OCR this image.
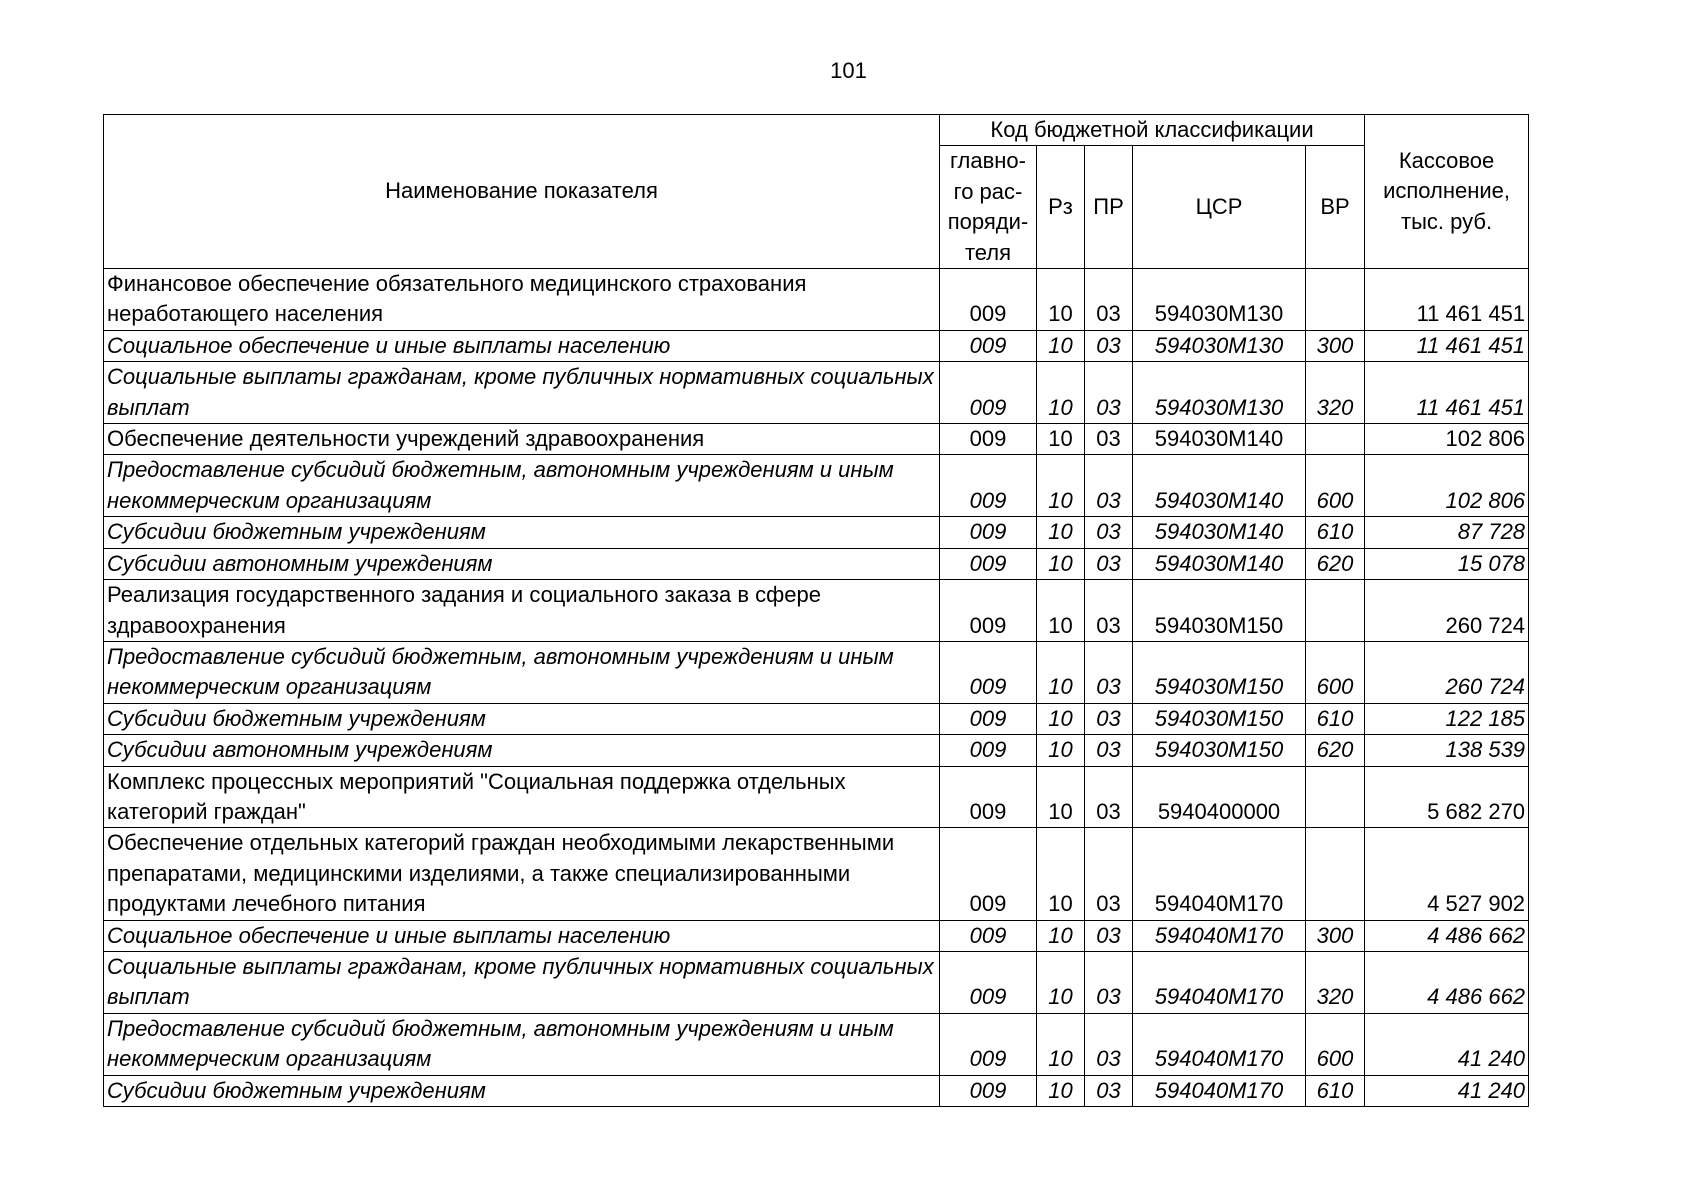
101
Наименование показателя	Код бюджетной классификации					Кассовое
исполнение,
тыс. руб.

	главно-
го рас-
поряди-
теля	Рз	ПР	ЦСР	ВР	
Финансовое обеспечение обязательного медицинского страхования неработающего населения	009	10	03	594030М130		11 461 451
Социальное обеспечение и иные выплаты населению	009	10	03	594030М130	300	11 461 451
Социальные выплаты гражданам, кроме публичных нормативных социальных выплат	009	10	03	594030М130	320	11 461 451
Обеспечение деятельности учреждений здравоохранения	009	10	03	594030М140		102 806
Предоставление субсидий бюджетным, автономным учреждениям и иным некоммерческим организациям	009	10	03	594030М140	600	102 806
Субсидии бюджетным учреждениям	009	10	03	594030М140	610	87 728
Субсидии автономным учреждениям	009	10	03	594030М140	620	15 078
Реализация государственного задания и социального заказа в сфере здравоохранения	009	10	03	594030М150		260 724
Предоставление субсидий бюджетным, автономным учреждениям и иным некоммерческим организациям	009	10	03	594030М150	600	260 724
Субсидии бюджетным учреждениям	009	10	03	594030М150	610	122 185
Субсидии автономным учреждениям	009	10	03	594030М150	620	138 539
Комплекс процессных мероприятий "Социальная поддержка отдельных категорий граждан"	009	10	03	5940400000		5 682 270
Обеспечение отдельных категорий граждан необходимыми лекарственными препаратами, медицинскими изделиями, а также специализированными продуктами лечебного питания	009	10	03	594040М170		4 527 902
Социальное обеспечение и иные выплаты населению	009	10	03	594040М170	300	4 486 662
Социальные выплаты гражданам, кроме публичных нормативных социальных выплат	009	10	03	594040М170	320	4 486 662
Предоставление субсидий бюджетным, автономным учреждениям и иным некоммерческим организациям	009	10	03	594040М170	600	41 240
Субсидии бюджетным учреждениям	009	10	03	594040М170	610	41 240
